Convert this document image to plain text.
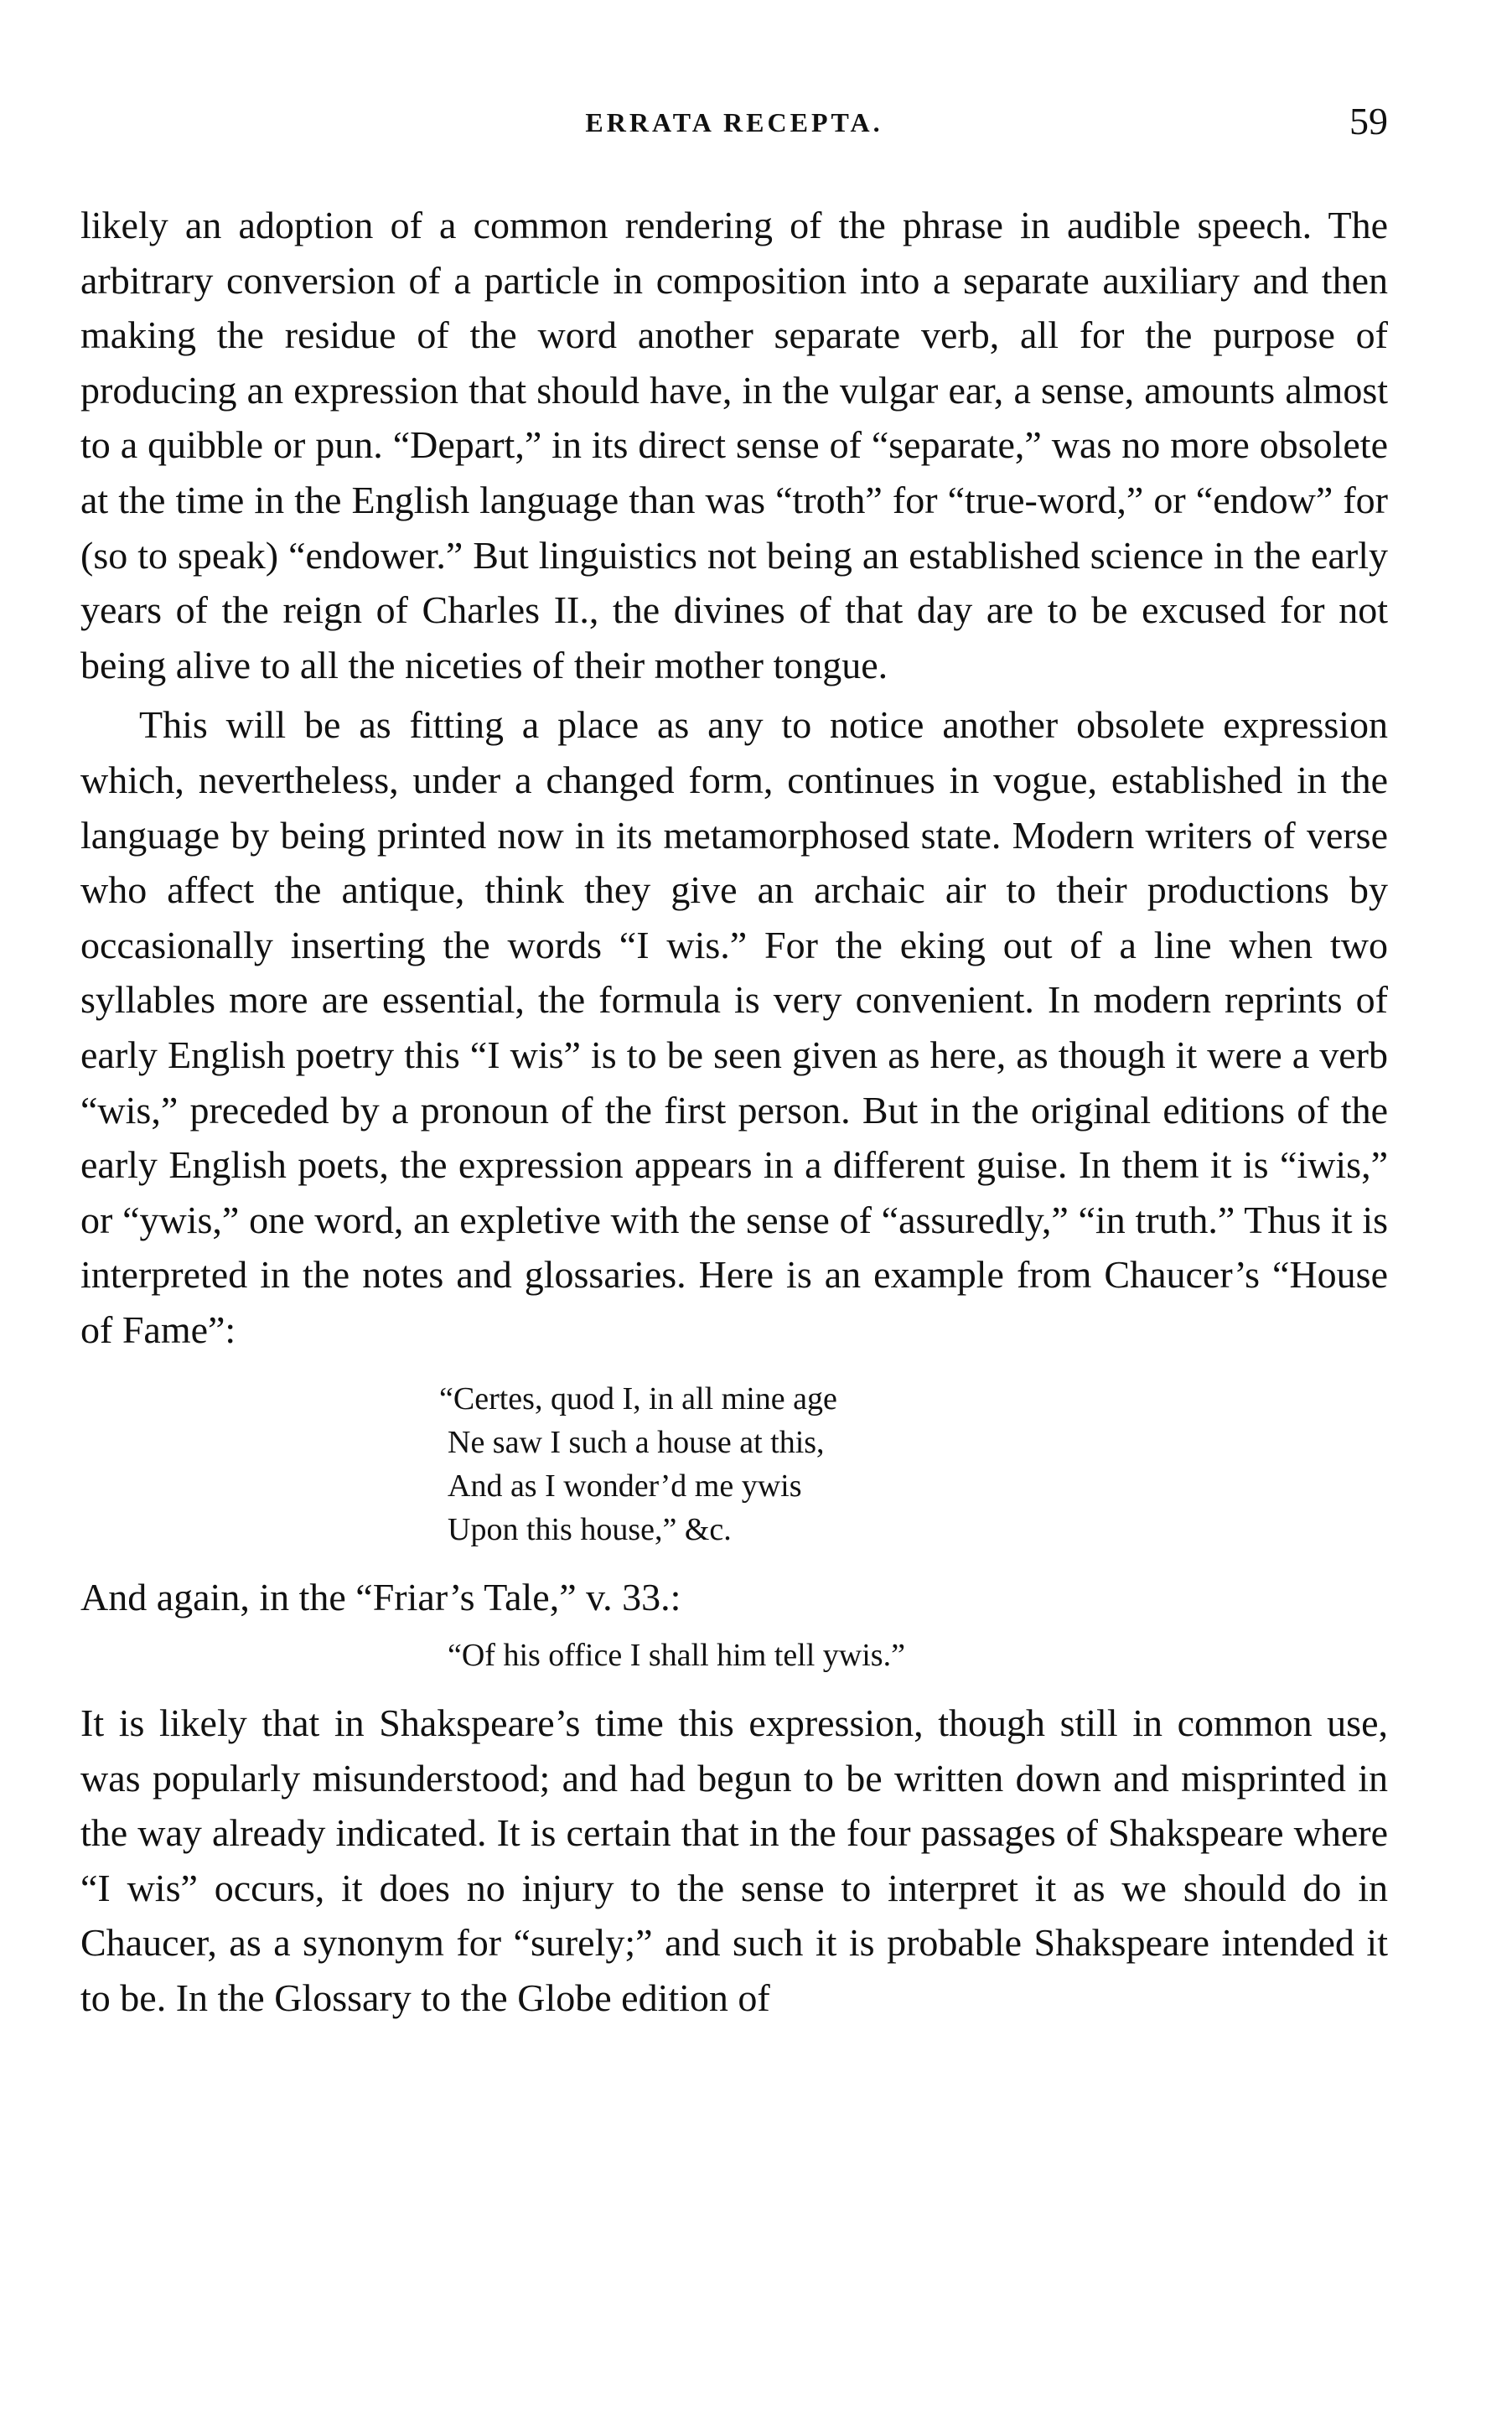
ERRATA RECEPTA.	59

likely an adoption of a common rendering of the phrase in audible speech. The arbitrary conversion of a particle in composition into a separate auxiliary and then making the residue of the word another separate verb, all for the purpose of producing an expression that should have, in the vulgar ear, a sense, amounts almost to a quibble or pun. “Depart,” in its direct sense of “separate,” was no more obsolete at the time in the English language than was “troth” for “true-word,” or “endow” for (so to speak) “endower.” But linguistics not being an established science in the early years of the reign of Charles II., the divines of that day are to be excused for not being alive to all the niceties of their mother tongue.

This will be as fitting a place as any to notice another obsolete expression which, nevertheless, under a changed form, continues in vogue, established in the language by being printed now in its metamorphosed state. Modern writers of verse who affect the antique, think they give an archaic air to their productions by occasionally inserting the words “I wis.” For the eking out of a line when two syllables more are essential, the formula is very convenient. In modern reprints of early English poetry this “I wis” is to be seen given as here, as though it were a verb “wis,” preceded by a pronoun of the first person. But in the original editions of the early English poets, the expression appears in a different guise. In them it is “iwis,” or “ywis,” one word, an expletive with the sense of “assuredly,” “in truth.” Thus it is interpreted in the notes and glossaries. Here is an example from Chaucer’s “House of Fame”:

“Certes, quod I, in all mine age
Ne saw I such a house at this,
And as I wonder’d me ywis
Upon this house,” &c.

And again, in the “Friar’s Tale,” v. 33.:

“Of his office I shall him tell ywis.”

It is likely that in Shakspeare’s time this expression, though still in common use, was popularly misunderstood; and had begun to be written down and misprinted in the way already indicated. It is certain that in the four passages of Shakspeare where “I wis” occurs, it does no injury to the sense to interpret it as we should do in Chaucer, as a synonym for “surely;” and such it is probable Shakspeare intended it to be. In the Glossary to the Globe edition of
